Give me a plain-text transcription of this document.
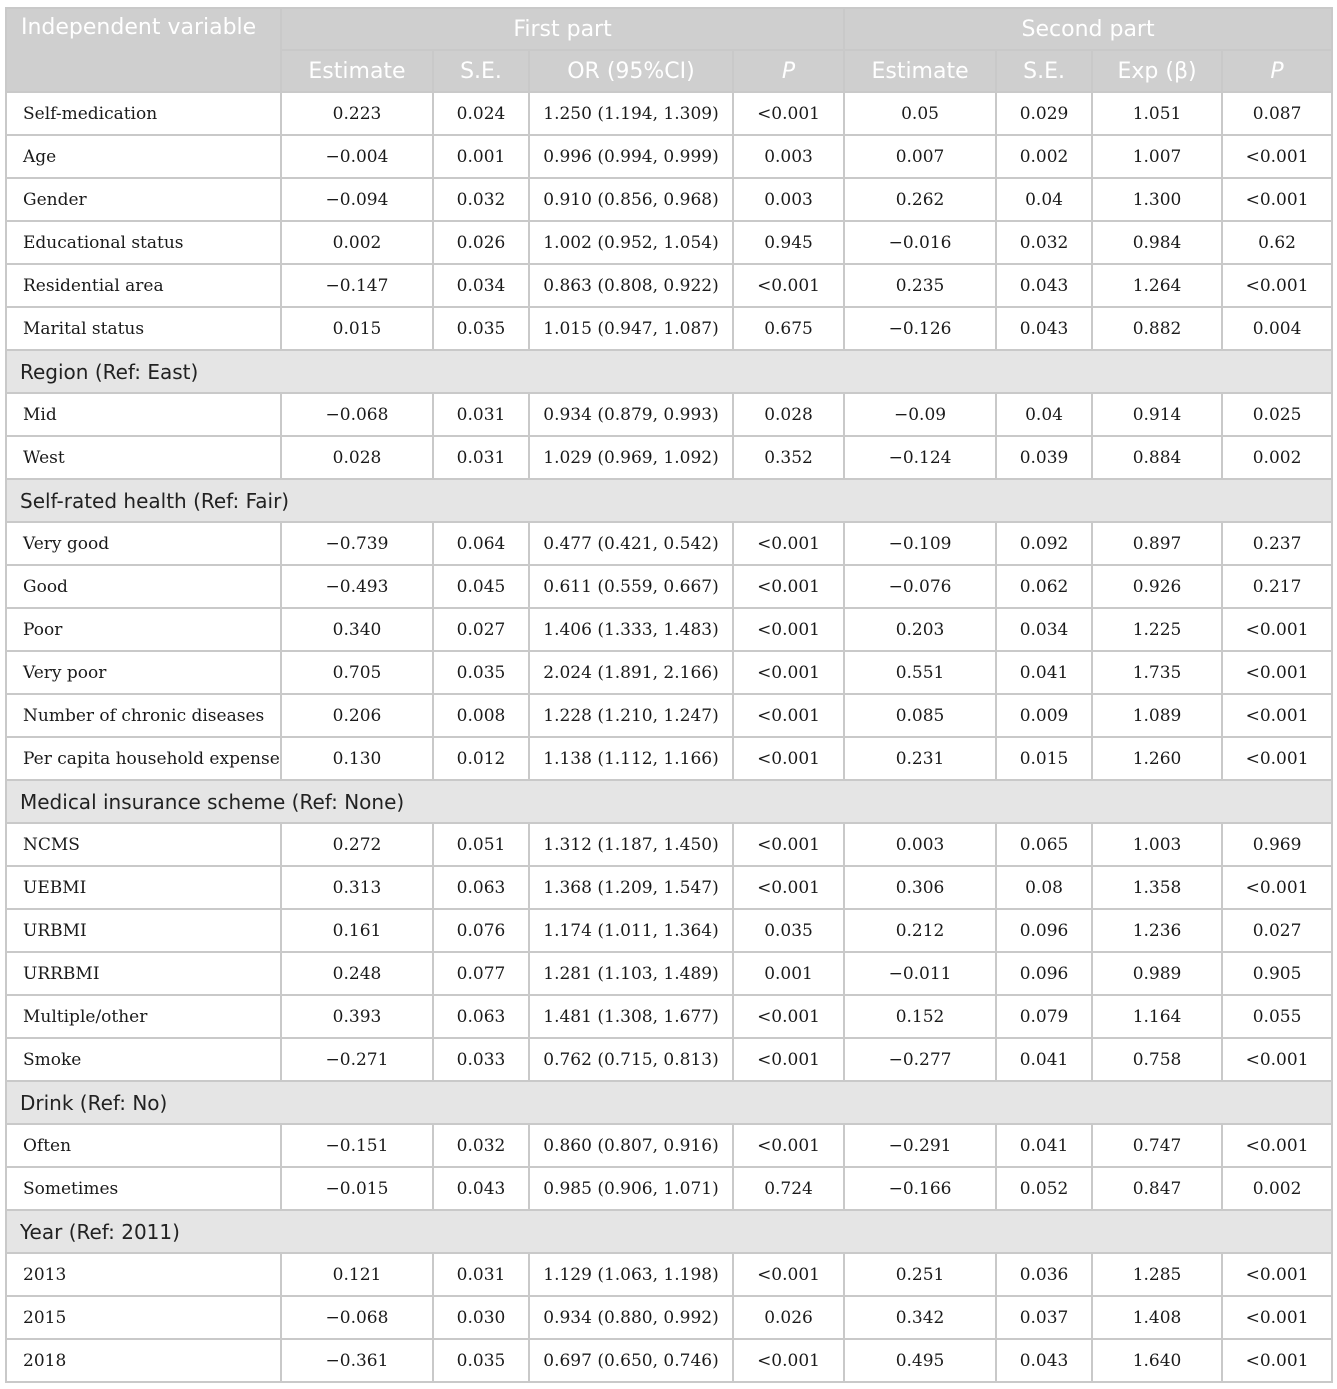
Independent variable	First part				Second part			
	Estimate	S.E.	OR (95%CI)	P	Estimate	S.E.	Exp (β)	P
Self-medication	0.223	0.024	1.250 (1.194, 1.309)	<0.001	0.05	0.029	1.051	0.087
Age	−0.004	0.001	0.996 (0.994, 0.999)	0.003	0.007	0.002	1.007	<0.001
Gender	−0.094	0.032	0.910 (0.856, 0.968)	0.003	0.262	0.04	1.300	<0.001
Educational status	0.002	0.026	1.002 (0.952, 1.054)	0.945	−0.016	0.032	0.984	0.62
Residential area	−0.147	0.034	0.863 (0.808, 0.922)	<0.001	0.235	0.043	1.264	<0.001
Marital status	0.015	0.035	1.015 (0.947, 1.087)	0.675	−0.126	0.043	0.882	0.004
Region (Ref: East)								
Mid	−0.068	0.031	0.934 (0.879, 0.993)	0.028	−0.09	0.04	0.914	0.025
West	0.028	0.031	1.029 (0.969, 1.092)	0.352	−0.124	0.039	0.884	0.002
Self-rated health (Ref: Fair)								
Very good	−0.739	0.064	0.477 (0.421, 0.542)	<0.001	−0.109	0.092	0.897	0.237
Good	−0.493	0.045	0.611 (0.559, 0.667)	<0.001	−0.076	0.062	0.926	0.217
Poor	0.340	0.027	1.406 (1.333, 1.483)	<0.001	0.203	0.034	1.225	<0.001
Very poor	0.705	0.035	2.024 (1.891, 2.166)	<0.001	0.551	0.041	1.735	<0.001
Number of chronic diseases	0.206	0.008	1.228 (1.210, 1.247)	<0.001	0.085	0.009	1.089	<0.001
Per capita household expense	0.130	0.012	1.138 (1.112, 1.166)	<0.001	0.231	0.015	1.260	<0.001
Medical insurance scheme (Ref: None)								
NCMS	0.272	0.051	1.312 (1.187, 1.450)	<0.001	0.003	0.065	1.003	0.969
UEBMI	0.313	0.063	1.368 (1.209, 1.547)	<0.001	0.306	0.08	1.358	<0.001
URBMI	0.161	0.076	1.174 (1.011, 1.364)	0.035	0.212	0.096	1.236	0.027
URRBMI	0.248	0.077	1.281 (1.103, 1.489)	0.001	−0.011	0.096	0.989	0.905
Multiple/other	0.393	0.063	1.481 (1.308, 1.677)	<0.001	0.152	0.079	1.164	0.055
Smoke	−0.271	0.033	0.762 (0.715, 0.813)	<0.001	−0.277	0.041	0.758	<0.001
Drink (Ref: No)								
Often	−0.151	0.032	0.860 (0.807, 0.916)	<0.001	−0.291	0.041	0.747	<0.001
Sometimes	−0.015	0.043	0.985 (0.906, 1.071)	0.724	−0.166	0.052	0.847	0.002
Year (Ref: 2011)								
2013	0.121	0.031	1.129 (1.063, 1.198)	<0.001	0.251	0.036	1.285	<0.001
2015	−0.068	0.030	0.934 (0.880, 0.992)	0.026	0.342	0.037	1.408	<0.001
2018	−0.361	0.035	0.697 (0.650, 0.746)	<0.001	0.495	0.043	1.640	<0.001
